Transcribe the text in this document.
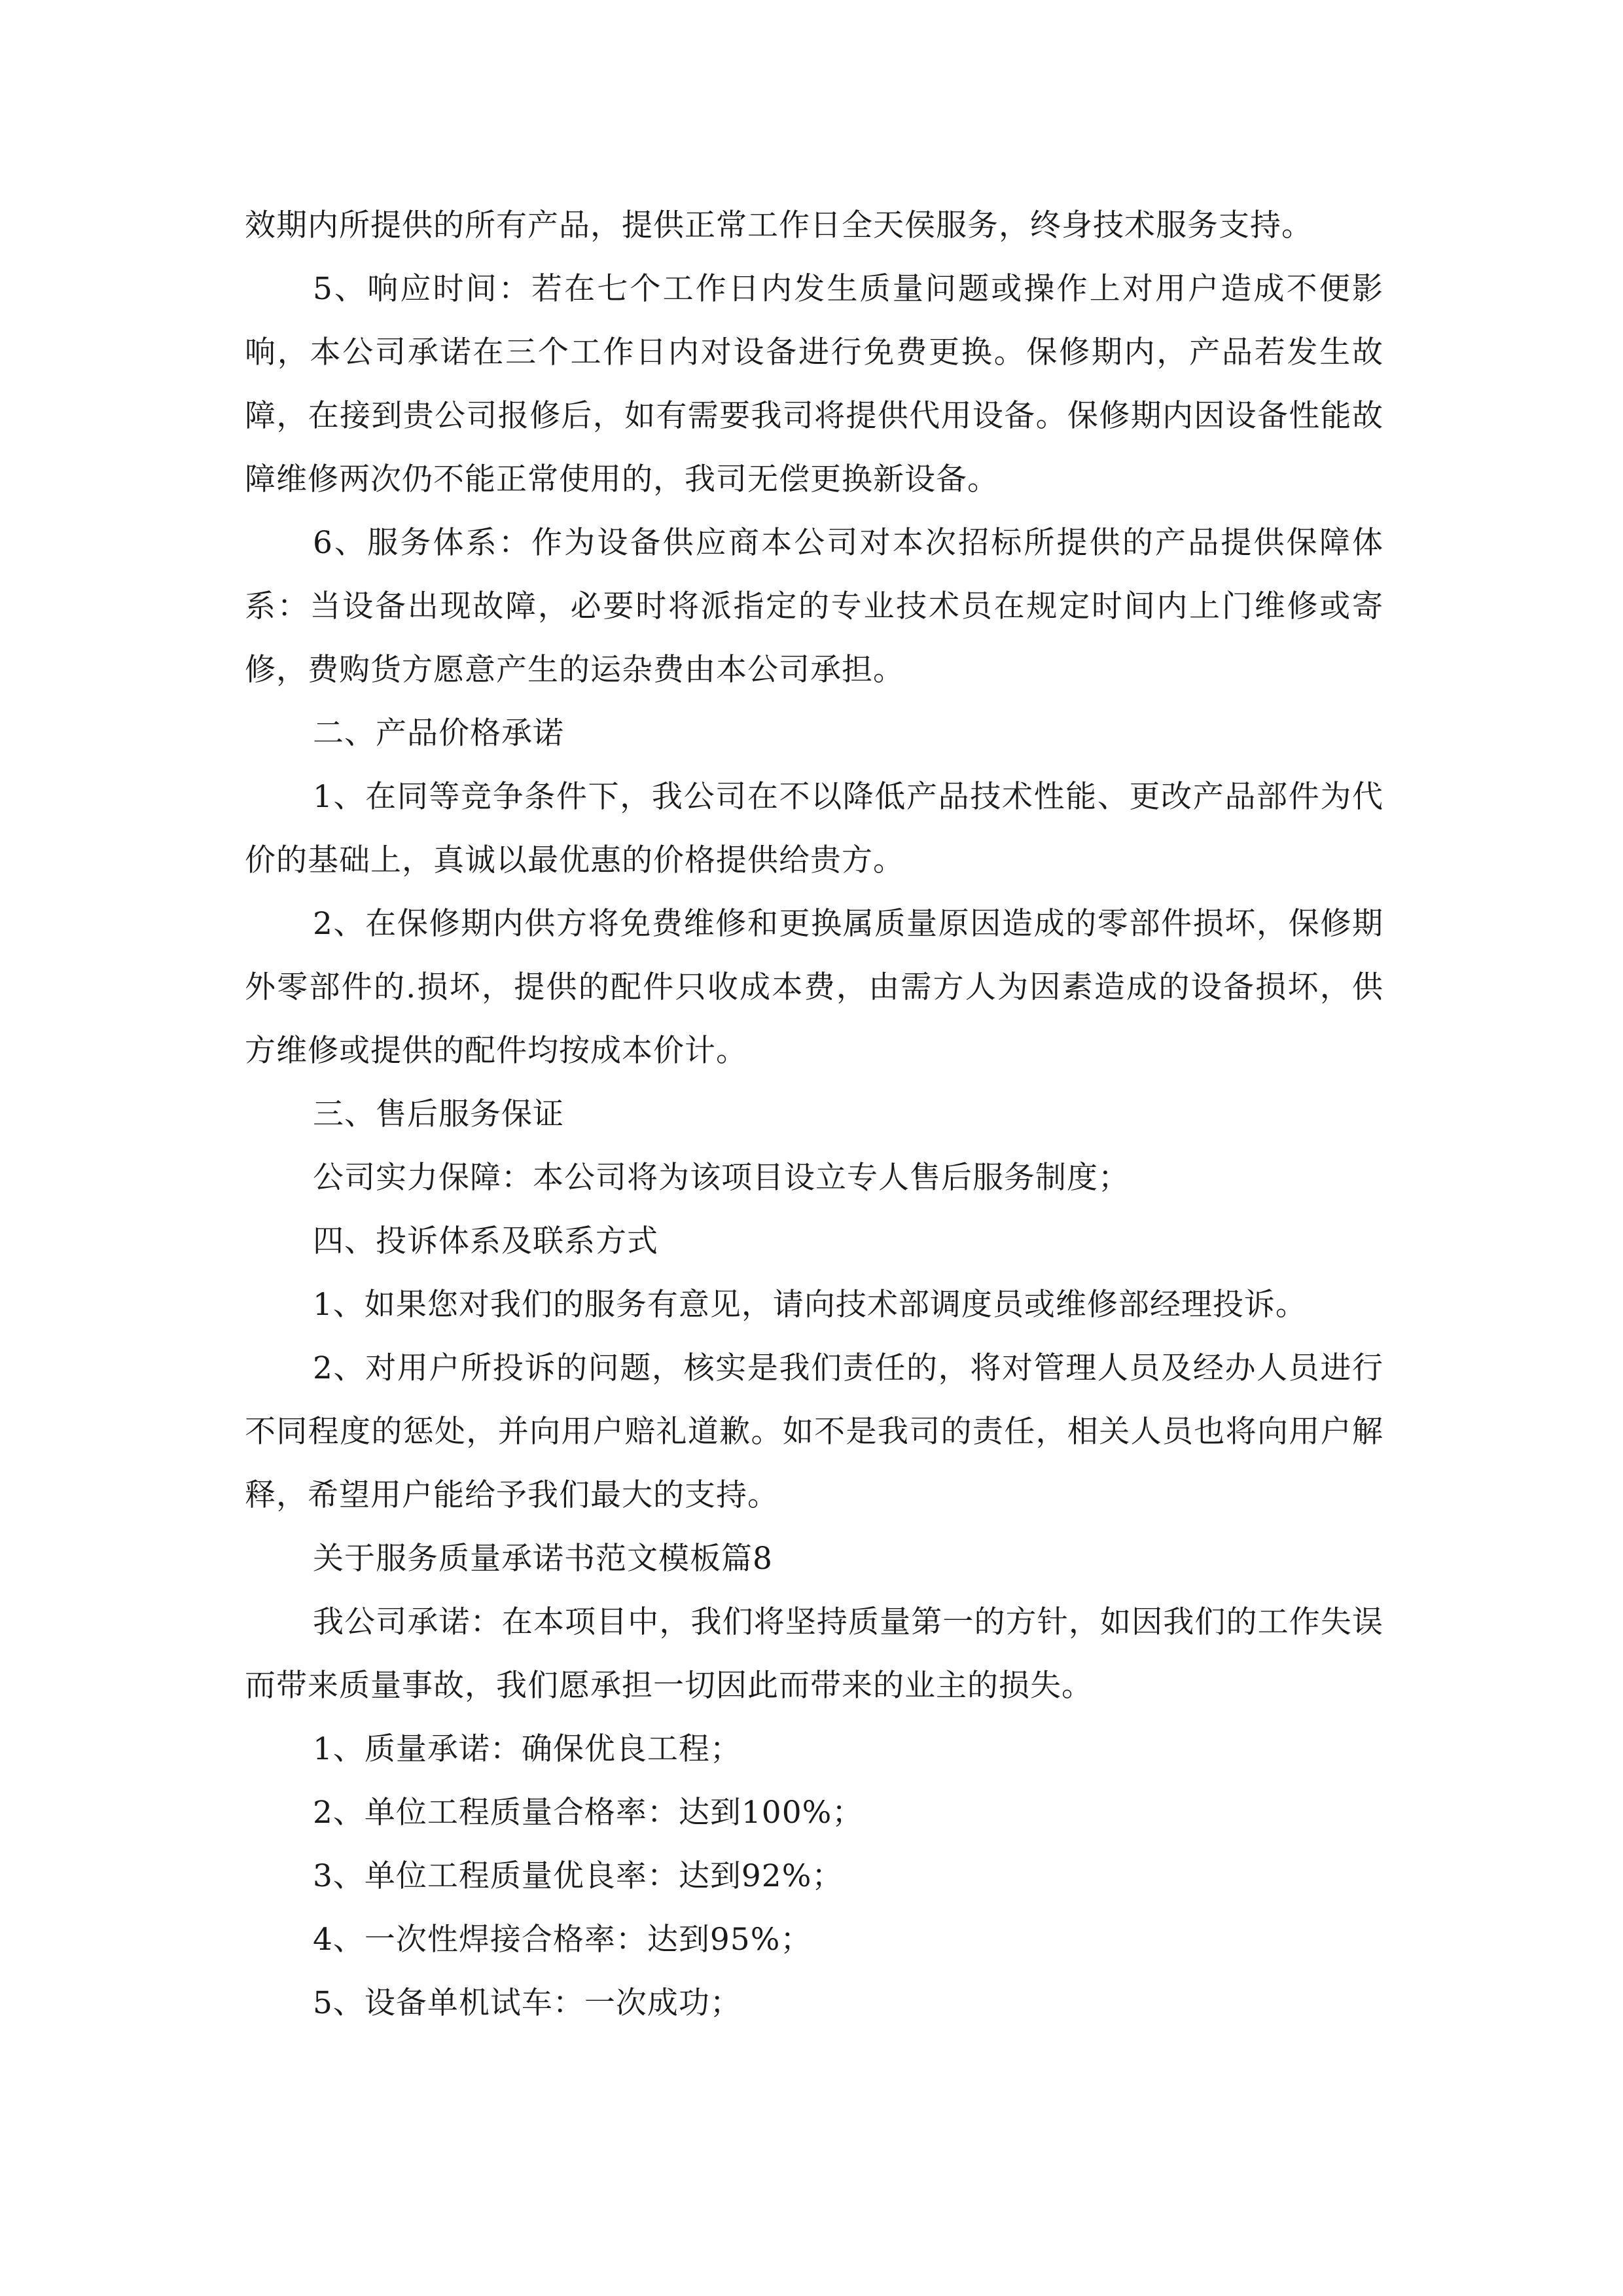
效期内所提供的所有产品，提供正常工作日全天侯服务，终身技术服务支持。

5、响应时间：若在七个工作日内发生质量问题或操作上对用户造成不便影响，本公司承诺在三个工作日内对设备进行免费更换。保修期内，产品若发生故障，在接到贵公司报修后，如有需要我司将提供代用设备。保修期内因设备性能故障维修两次仍不能正常使用的，我司无偿更换新设备。

6、服务体系：作为设备供应商本公司对本次招标所提供的产品提供保障体系：当设备出现故障，必要时将派指定的专业技术员在规定时间内上门维修或寄修，费购货方愿意产生的运杂费由本公司承担。

二、产品价格承诺

1、在同等竞争条件下，我公司在不以降低产品技术性能、更改产品部件为代价的基础上，真诚以最优惠的价格提供给贵方。

2、在保修期内供方将免费维修和更换属质量原因造成的零部件损坏，保修期外零部件的.损坏，提供的配件只收成本费，由需方人为因素造成的设备损坏，供方维修或提供的配件均按成本价计。

三、售后服务保证

公司实力保障：本公司将为该项目设立专人售后服务制度；

四、投诉体系及联系方式

1、如果您对我们的服务有意见，请向技术部调度员或维修部经理投诉。

2、对用户所投诉的问题，核实是我们责任的，将对管理人员及经办人员进行不同程度的惩处，并向用户赔礼道歉。如不是我司的责任，相关人员也将向用户解释，希望用户能给予我们最大的支持。

关于服务质量承诺书范文模板篇8

我公司承诺：在本项目中，我们将坚持质量第一的方针，如因我们的工作失误而带来质量事故，我们愿承担一切因此而带来的业主的损失。

1、质量承诺：确保优良工程；

2、单位工程质量合格率：达到100%；

3、单位工程质量优良率：达到92%；

4、一次性焊接合格率：达到95%；

5、设备单机试车：一次成功；
